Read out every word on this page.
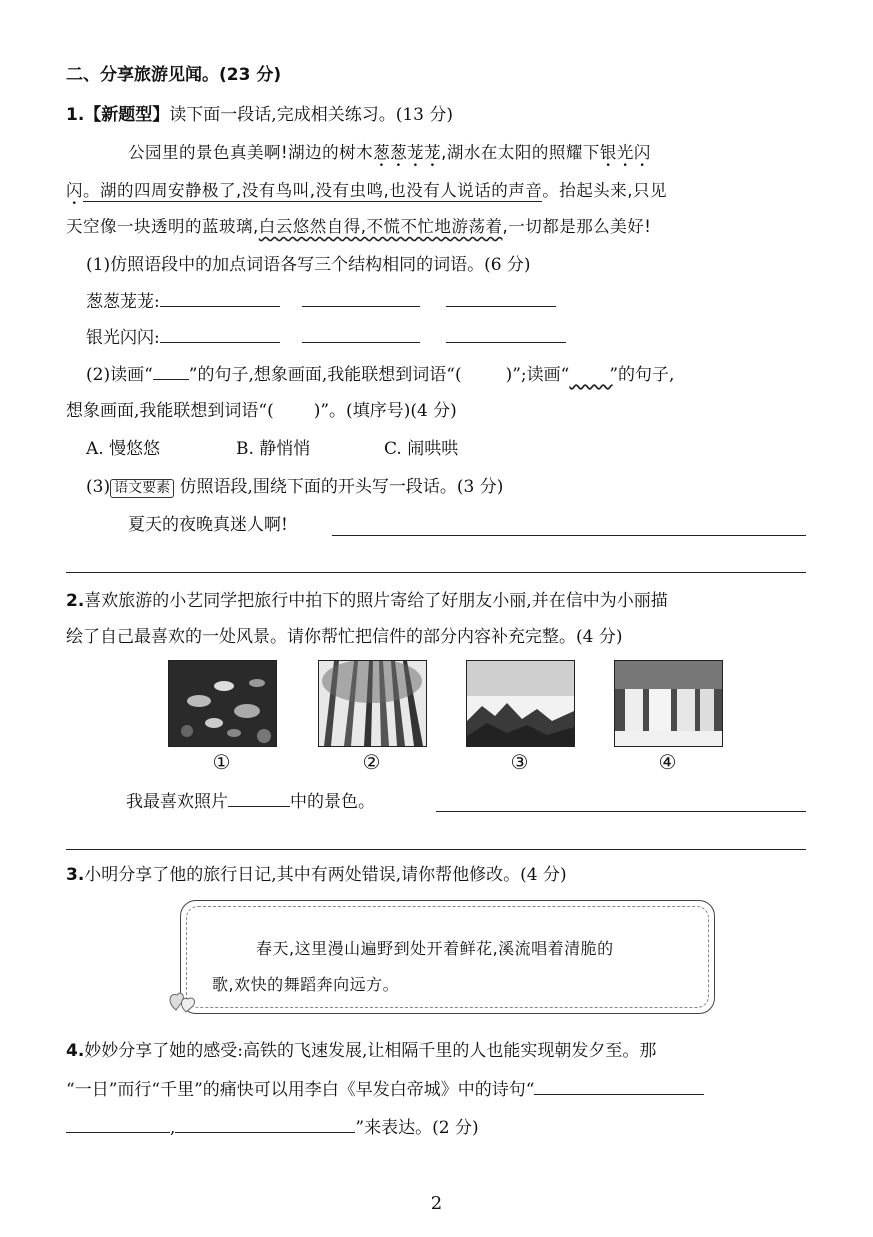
二、分享旅游见闻。(23 分)
1.【新题型】读下面一段话,完成相关练习。(13 分)
公园里的景色真美啊!湖边的树木葱葱茏茏,湖水在太阳的照耀下银光闪
闪。湖的四周安静极了,没有鸟叫,没有虫鸣,也没有人说话的声音。抬起头来,只见
天空像一块透明的蓝玻璃,白云悠然自得,不慌不忙地游荡着,一切都是那么美好!
(1)仿照语段中的加点词语各写三个结构相同的词语。(6 分)
葱葱茏茏:
银光闪闪:
(2)读画“ ”的句子,想象画面,我能联想到词语“(	)”;读画“ ”的句子,
想象画面,我能联想到词语“( )”。(填序号)(4 分)
A. 慢悠悠	B. 静悄悄	C. 闹哄哄
(3) 语文要素 仿照语段,围绕下面的开头写一段话。(3 分)
夏天的夜晚真迷人啊!
2.喜欢旅游的小艺同学把旅行中拍下的照片寄给了好朋友小丽,并在信中为小丽描
绘了自己最喜欢的一处风景。请你帮忙把信件的部分内容补充完整。(4 分)
①	②	③	④
我最喜欢照片	中的景色。
3.小明分享了他的旅行日记,其中有两处错误,请你帮他修改。(4 分)
春天,这里漫山遍野到处开着鲜花,溪流唱着清脆的
歌,欢快的舞蹈奔向远方。
4.妙妙分享了她的感受:高铁的飞速发展,让相隔千里的人也能实现朝发夕至。那
“一日”而行“千里”的痛快可以用李白《早发白帝城》中的诗句“
,	”来表达。(2 分)
2
